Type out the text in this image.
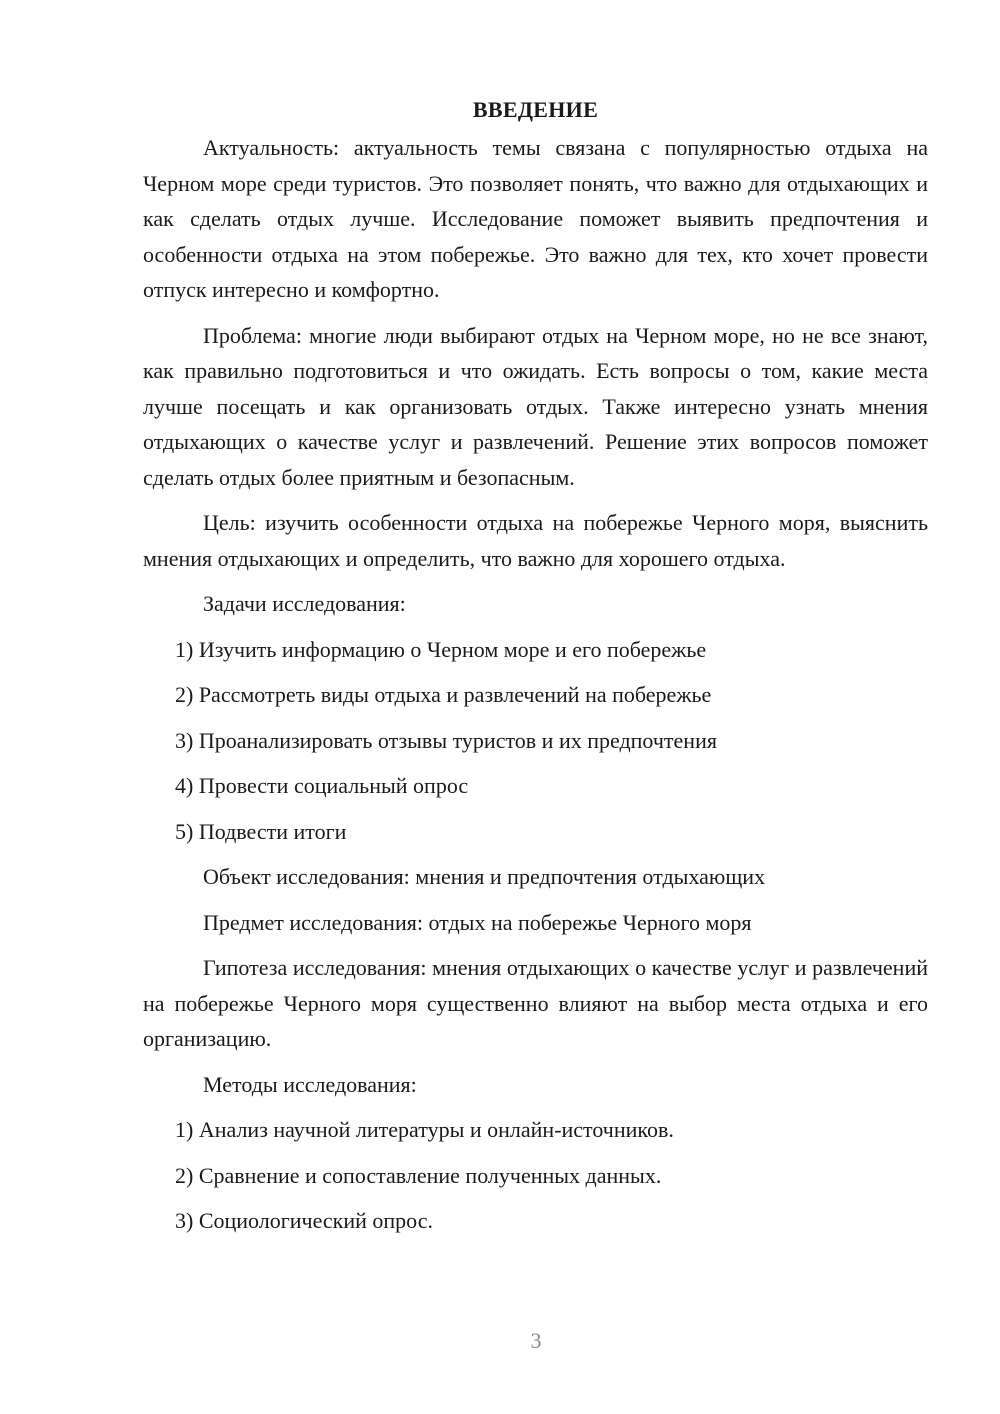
ВВЕДЕНИЕ

Актуальность: актуальность темы связана с популярностью отдыха на Черном море среди туристов. Это позволяет понять, что важно для отдыхающих и как сделать отдых лучше. Исследование поможет выявить предпочтения и особенности отдыха на этом побережье. Это важно для тех, кто хочет провести отпуск интересно и комфортно.

Проблема: многие люди выбирают отдых на Черном море, но не все знают, как правильно подготовиться и что ожидать. Есть вопросы о том, какие места лучше посещать и как организовать отдых. Также интересно узнать мнения отдыхающих о качестве услуг и развлечений. Решение этих вопросов поможет сделать отдых более приятным и безопасным.

Цель: изучить особенности отдыха на побережье Черного моря, выяснить мнения отдыхающих и определить, что важно для хорошего отдыха.

Задачи исследования:

1) Изучить информацию о Черном море и его побережье

2) Рассмотреть виды отдыха и развлечений на побережье

3) Проанализировать отзывы туристов и их предпочтения

4) Провести социальный опрос

5) Подвести итоги

Объект исследования: мнения и предпочтения отдыхающих

Предмет исследования: отдых на побережье Черного моря

Гипотеза исследования: мнения отдыхающих о качестве услуг и развлечений на побережье Черного моря существенно влияют на выбор места отдыха и его организацию.

Методы исследования:

1) Анализ научной литературы и онлайн-источников.

2) Сравнение и сопоставление полученных данных.

3) Социологический опрос.

3
